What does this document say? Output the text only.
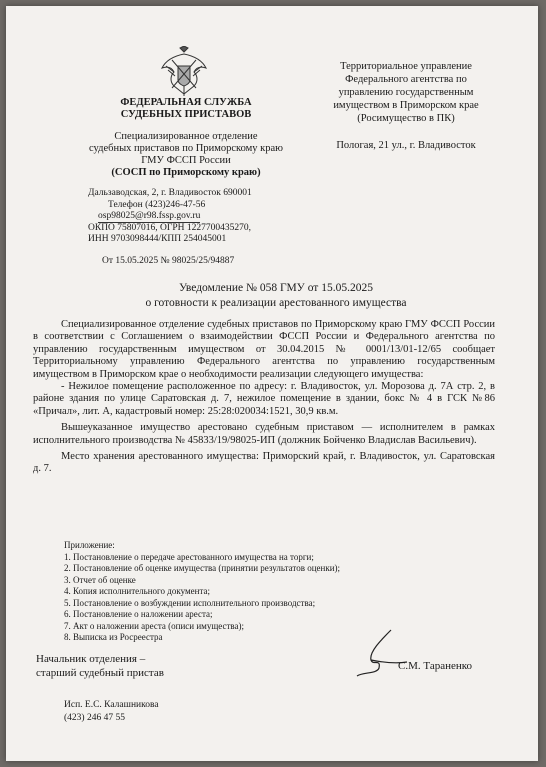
ФЕДЕРАЛЬНАЯ СЛУЖБА
СУДЕБНЫХ ПРИСТАВОВ
Специализированное отделение
судебных приставов по Приморскому краю
ГМУ ФССП России
(СОСП по Приморскому краю)
Дальзаводская, 2, г. Владивосток 690001
Телефон (423)246-47-56
osp98025@r98.fssp.gov.ru
ОКПО 75807016, ОГРН 1227700435270,
ИНН 9703098444/КПП 254045001
От 15.05.2025 № 98025/25/94887
Территориальное управление
Федерального агентства по
управлению государственным
имуществом в Приморском крае
(Росимущество в ПК)
Пологая, 21 ул., г. Владивосток
Уведомление № 058 ГМУ от 15.05.2025
о готовности к реализации арестованного имущества

Специализированное отделение судебных приставов по Приморскому краю ГМУ ФССП России в соответствии с Соглашением о взаимодействии ФССП России и Федерального агентства по управлению государственным имуществом от 30.04.2015 № 0001/13/01-12/65 сообщает Территориальному управлению Федерального агентства по управлению государственным имуществом в Приморском крае о необходимости реализации следующего имущества:

- Нежилое помещение расположенное по адресу: г. Владивосток, ул. Морозова д. 7А стр. 2, в районе здания по улице Саратовская д. 7, нежилое помещение в здании, бокс № 4 в ГСК №86 «Причал», лит. А, кадастровый номер: 25:28:020034:1521, 30,9 кв.м.

Вышеуказанное имущество арестовано судебным приставом — исполнителем в рамках исполнительного производства № 45833/19/98025-ИП (должник Бойченко Владислав Васильевич).

Место хранения арестованного имущества: Приморский край, г. Владивосток, ул. Саратовская д. 7.

Приложение:
1. Постановление о передаче арестованного имущества на торги;
2. Постановление об оценке имущества (принятии результатов оценки);
3. Отчет об оценке
4. Копия исполнительного документа;
5. Постановление о возбуждении исполнительного производства;
6. Постановление о наложении ареста;
7. Акт о наложении ареста (описи имущества);
8. Выписка из Росреестра
Начальник отделения –
старший судебный пристав
С.М. Тараненко
Исп. Е.С. Калашникова
(423) 246 47 55
